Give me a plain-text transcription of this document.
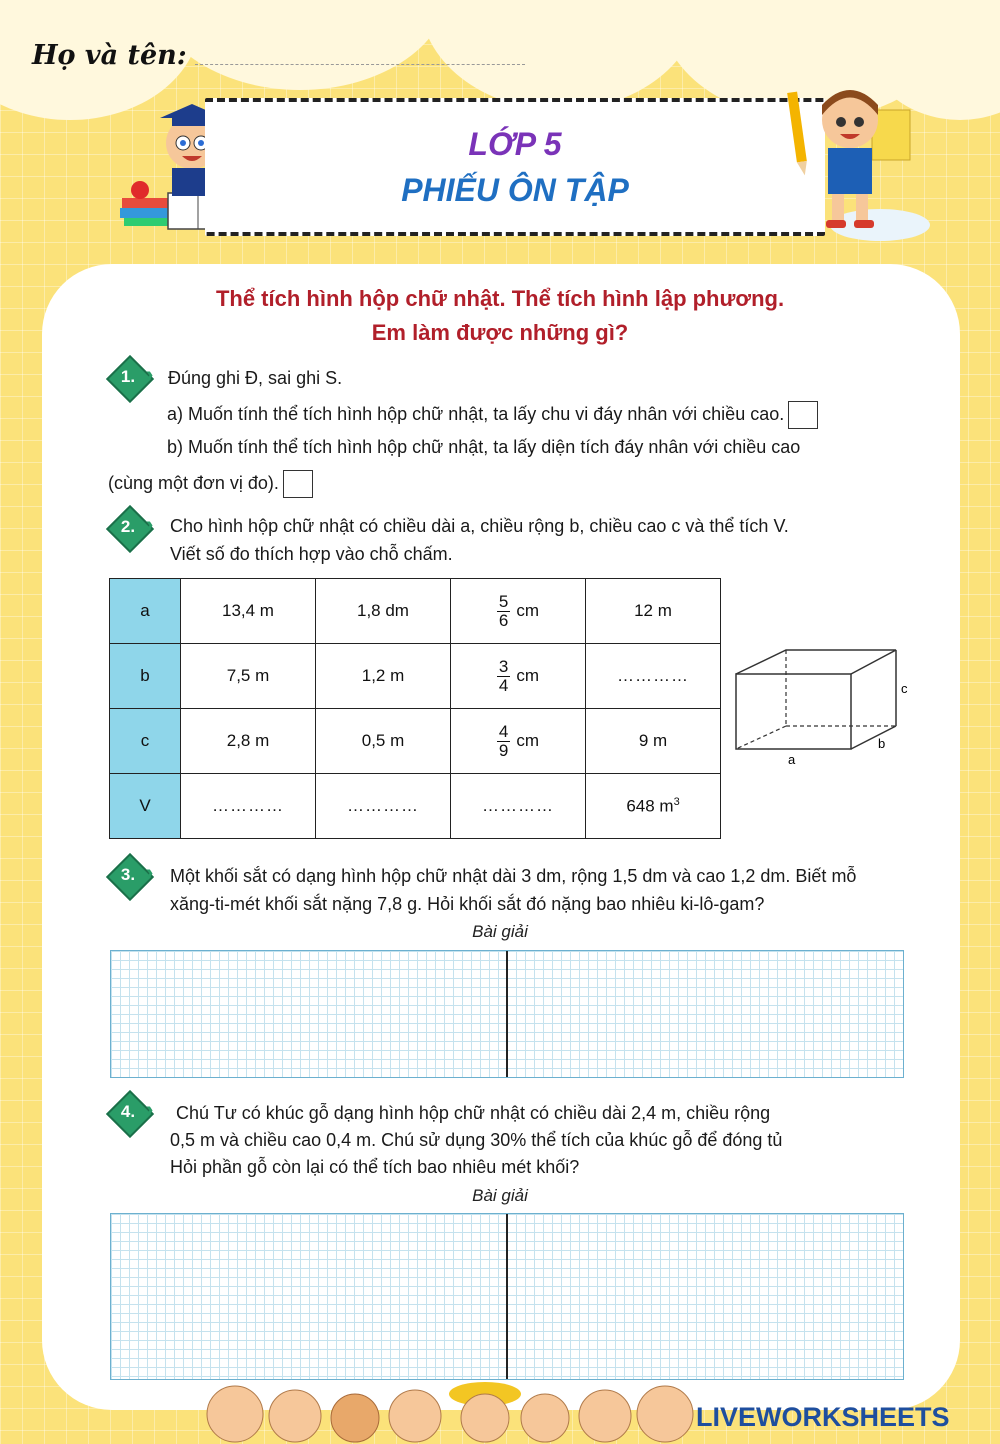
Họ và tên:
LỚP 5
PHIẾU ÔN TẬP
Thể tích hình hộp chữ nhật. Thể tích hình lập phương.
Em làm được những gì?
1. ›› Đúng ghi Đ, sai ghi S.
a) Muốn tính thể tích hình hộp chữ nhật, ta lấy chu vi đáy nhân với chiều cao.
b) Muốn tính thể tích hình hộp chữ nhật, ta lấy diện tích đáy nhân với chiều cao
(cùng một đơn vị đo).
2. ›› Cho hình hộp chữ nhật có chiều dài a, chiều rộng b, chiều cao c và thể tích V.
Viết số đo thích hợp vào chỗ chấm.
a	13,4 m	1,8 dm	$\frac{5}{6}$ cm	12 m
b	7,5 m	1,2 m	$\frac{3}{4}$ cm	…………
c	2,8 m	0,5 m	$\frac{4}{9}$ cm	9 m
V	…………	…………	…………	648 $m^3$
a
b
c
3. ›› Một khối sắt có dạng hình hộp chữ nhật dài 3 dm, rộng 1,5 dm và cao 1,2 dm. Biết mỗ
xăng-ti-mét khối sắt nặng 7,8 g. Hỏi khối sắt đó nặng bao nhiêu ki-lô-gam?
Bài giải
4. ›› Chú Tư có khúc gỗ dạng hình hộp chữ nhật có chiều dài 2,4 m, chiều rộng
0,5 m và chiều cao 0,4 m. Chú sử dụng 30% thể tích của khúc gỗ để đóng tủ
Hỏi phần gỗ còn lại có thể tích bao nhiêu mét khối?
Bài giải
LIVEWORKSHEETS
